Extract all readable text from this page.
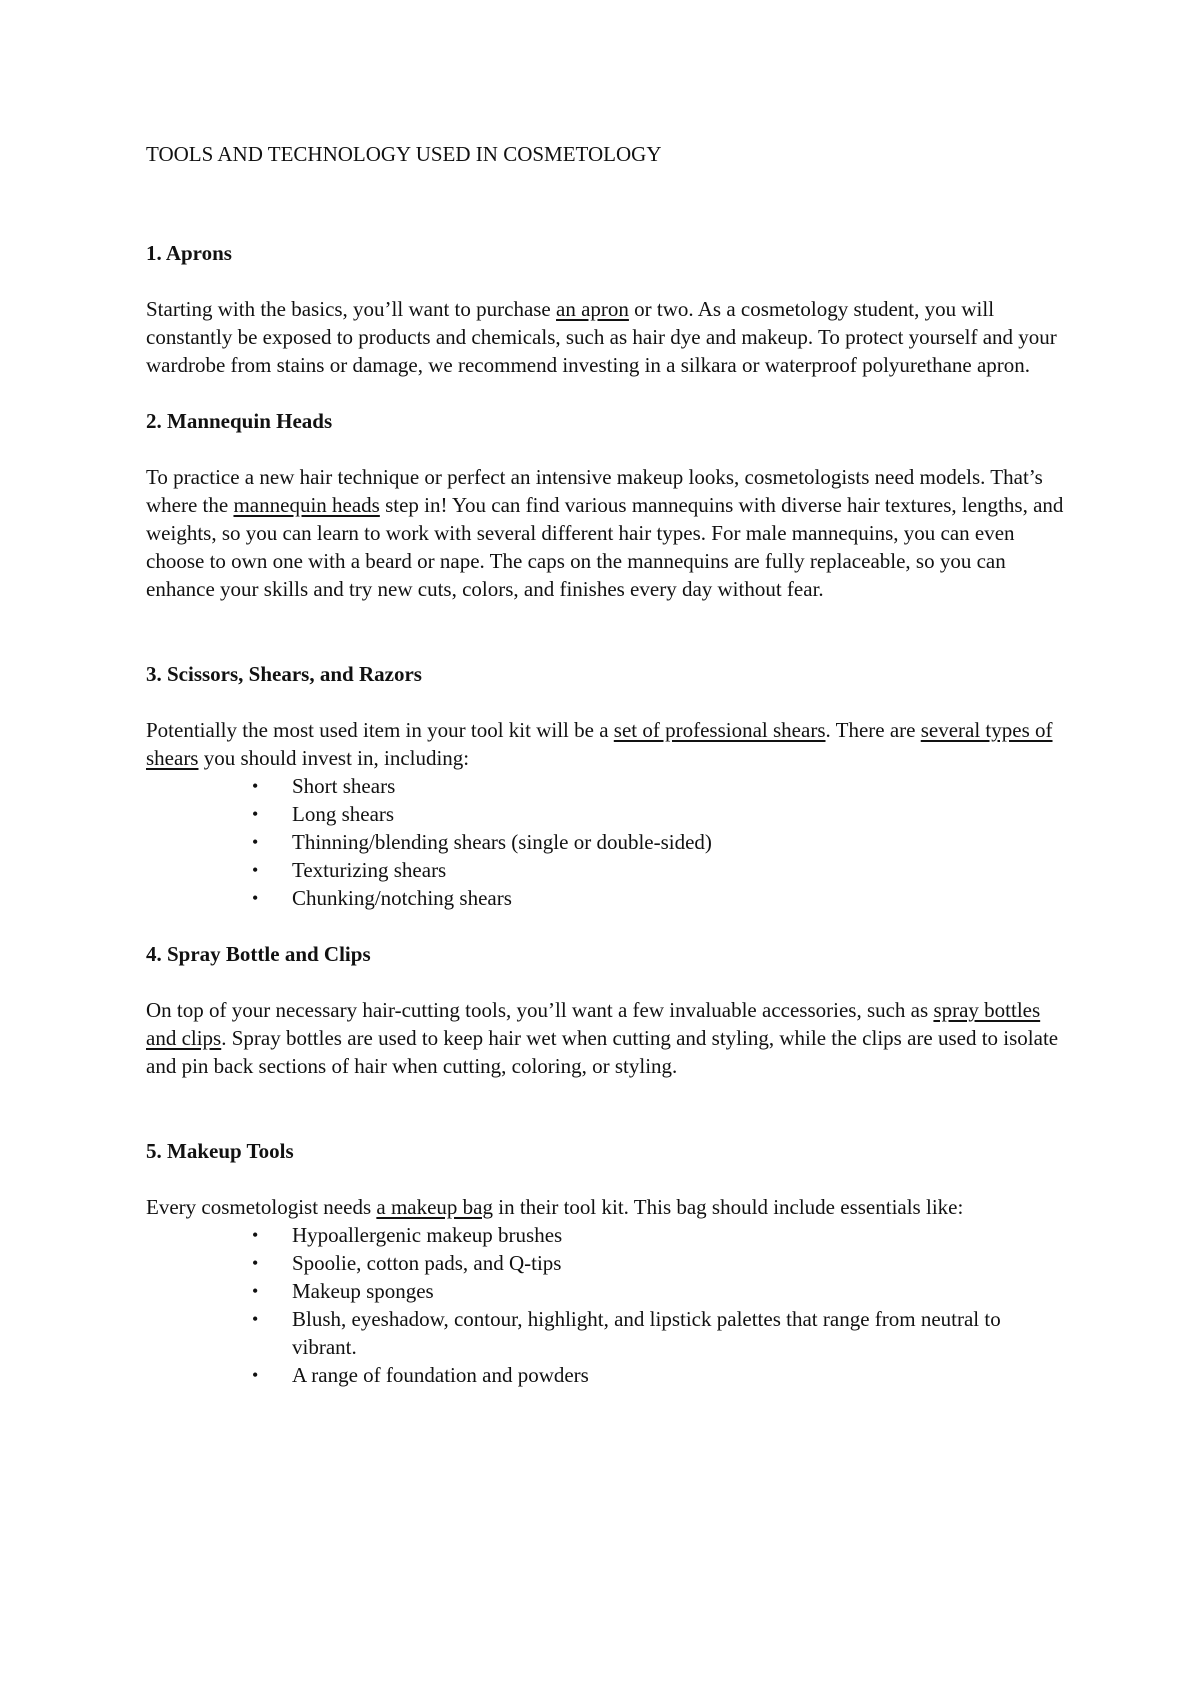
TOOLS AND TECHNOLOGY USED IN COSMETOLOGY
1. Aprons

Starting with the basics, you’ll want to purchase an apron or two. As a cosmetology student, you will constantly be exposed to products and chemicals, such as hair dye and makeup. To protect yourself and your wardrobe from stains or damage, we recommend investing in a silkara or waterproof polyurethane apron.

2. Mannequin Heads

To practice a new hair technique or perfect an intensive makeup looks, cosmetologists need models. That’s where the mannequin heads step in! You can find various mannequins with diverse hair textures, lengths, and weights, so you can learn to work with several different hair types. For male mannequins, you can even choose to own one with a beard or nape. The caps on the mannequins are fully replaceable, so you can enhance your skills and try new cuts, colors, and finishes every day without fear.

3. Scissors, Shears, and Razors

Potentially the most used item in your tool kit will be a set of professional shears. There are several types of shears you should invest in, including:

• Short shears
• Long shears
• Thinning/blending shears (single or double-sided)
• Texturizing shears
• Chunking/notching shears
4. Spray Bottle and Clips

On top of your necessary hair-cutting tools, you’ll want a few invaluable accessories, such as spray bottles and clips. Spray bottles are used to keep hair wet when cutting and styling, while the clips are used to isolate and pin back sections of hair when cutting, coloring, or styling.

5. Makeup Tools

Every cosmetologist needs a makeup bag in their tool kit. This bag should include essentials like:

• Hypoallergenic makeup brushes
• Spoolie, cotton pads, and Q-tips
• Makeup sponges
• Blush, eyeshadow, contour, highlight, and lipstick palettes that range from neutral to vibrant.
• A range of foundation and powders
